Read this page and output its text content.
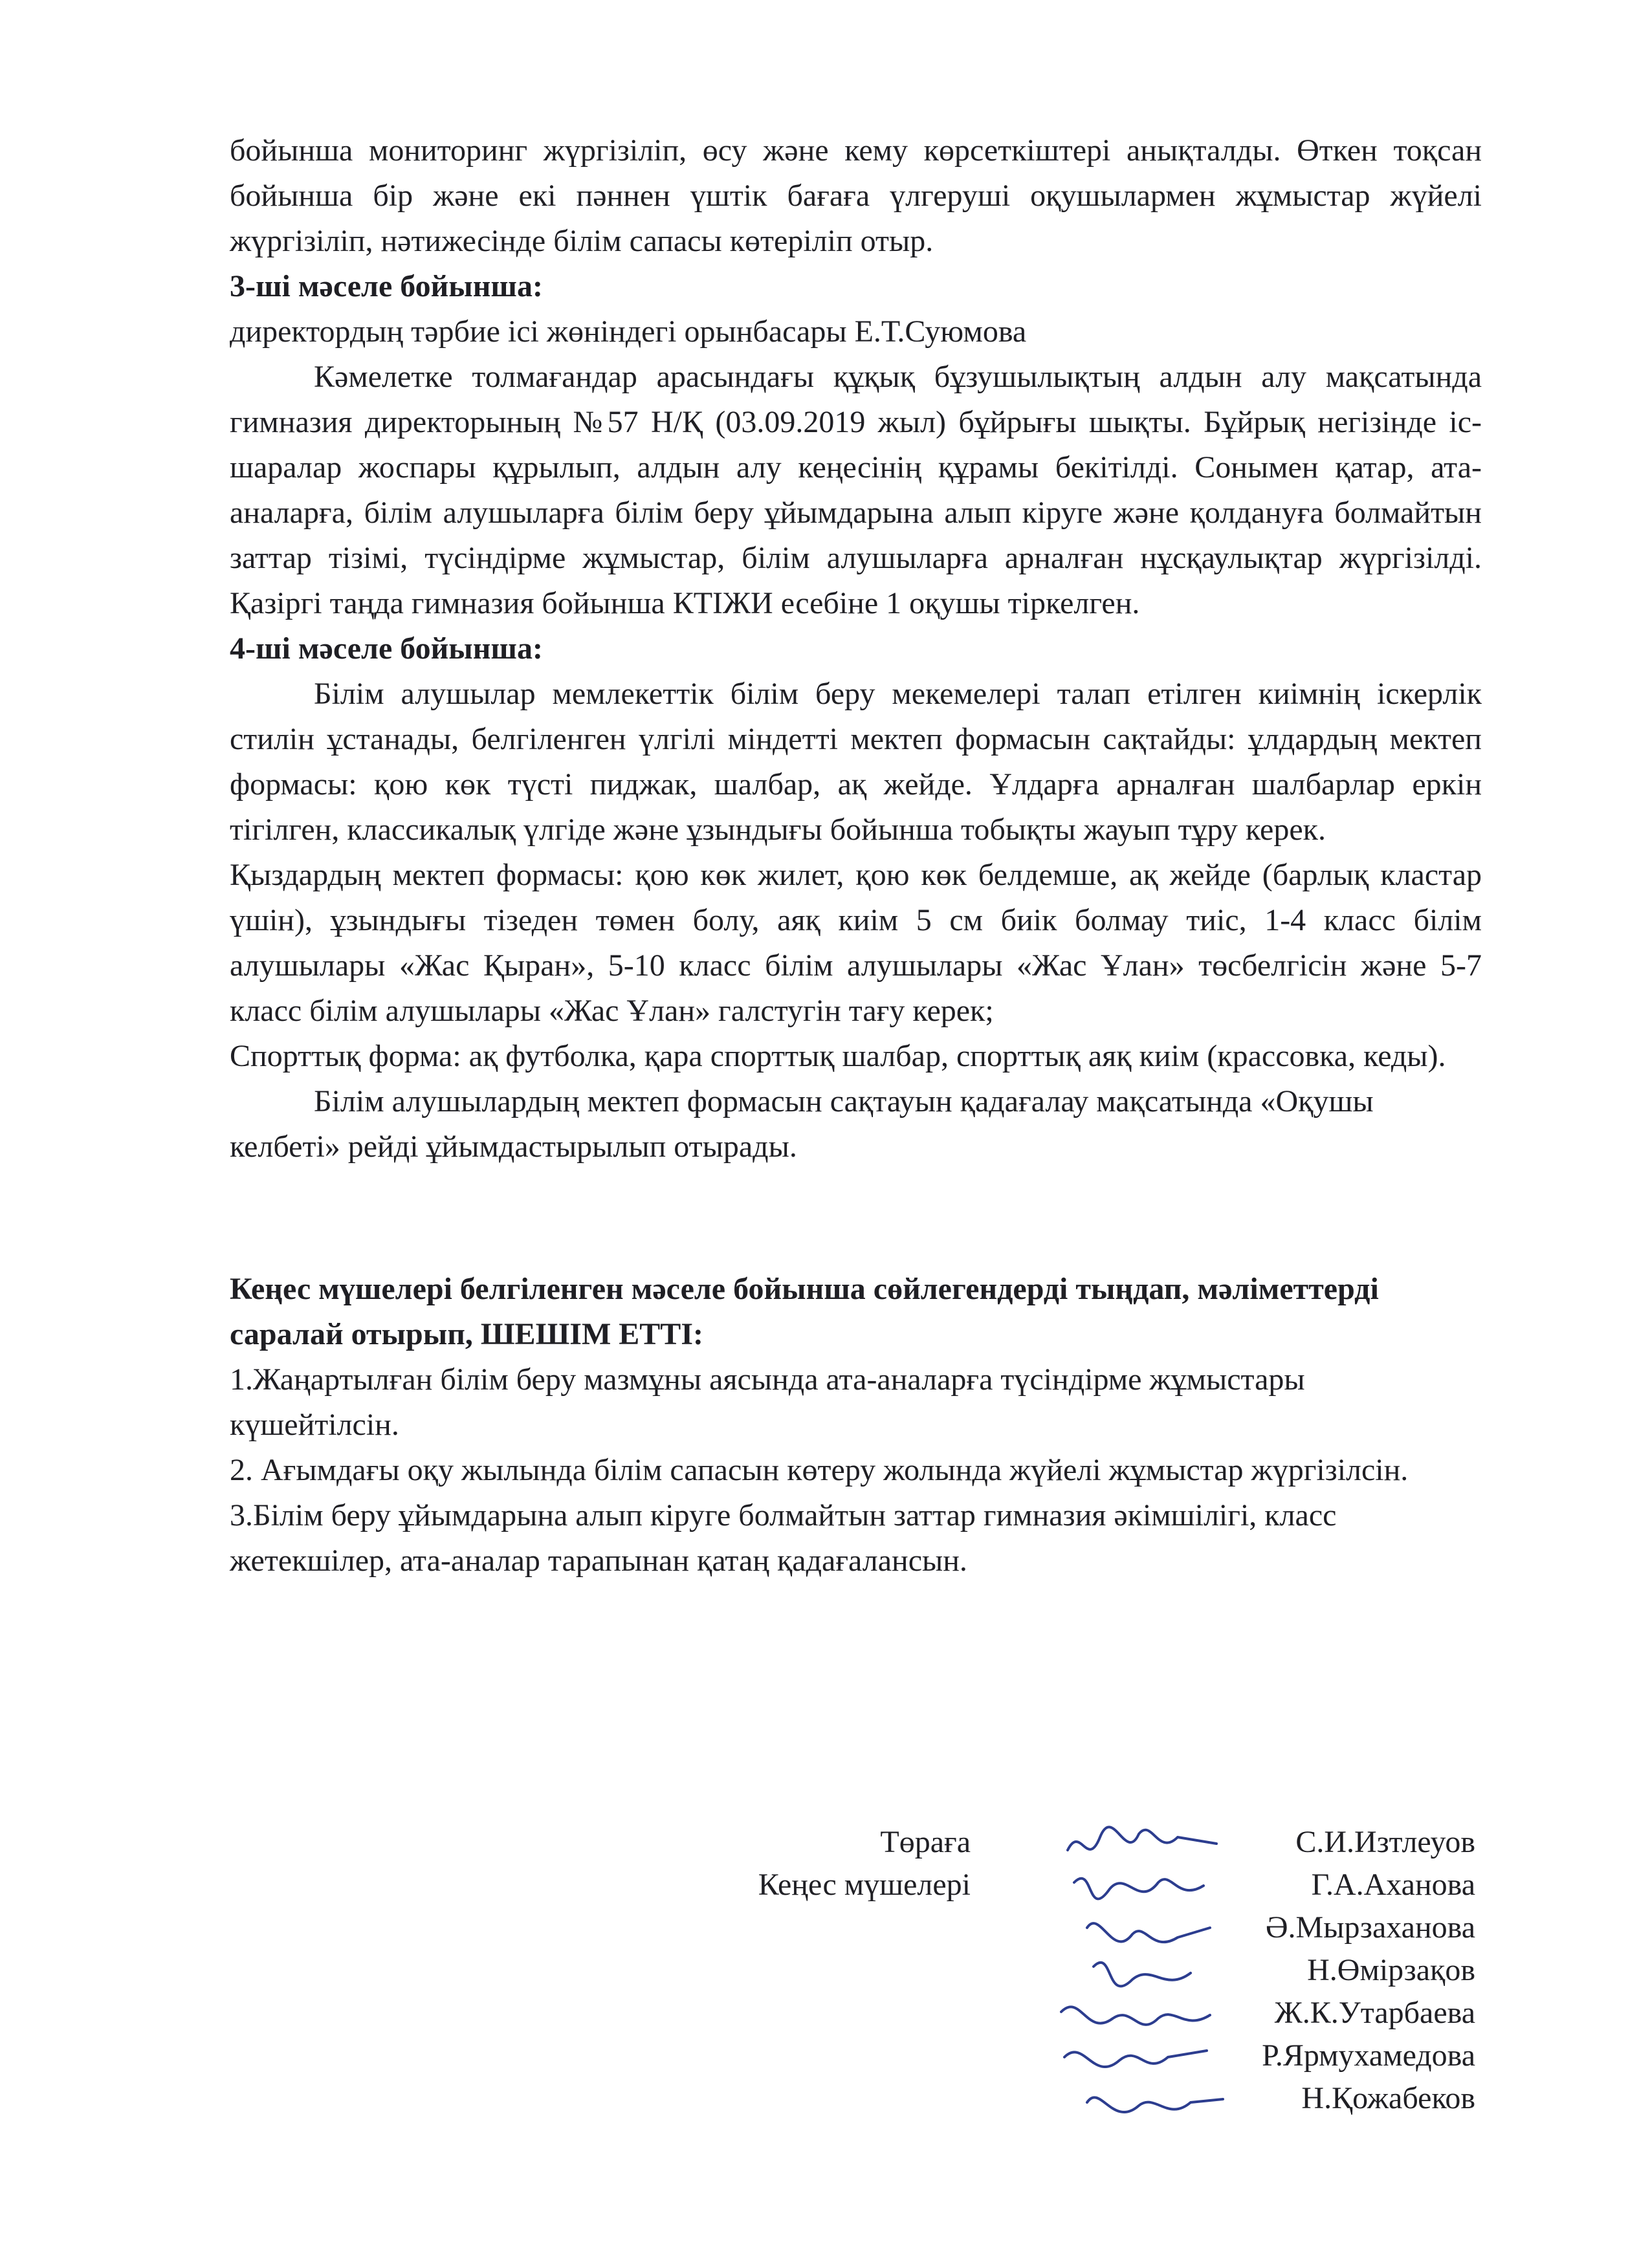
бойынша мониторинг жүргізіліп, өсу және кему көрсеткіштері анықталды. Өткен тоқсан бойынша бір және екі пәннен үштік бағаға үлгеруші оқушылармен жұмыстар жүйелі жүргізіліп, нәтижесінде білім сапасы көтеріліп отыр.

3-ші мәселе бойынша:

директордың тәрбие ісі жөніндегі орынбасары Е.Т.Суюмова

Кәмелетке толмағандар арасындағы құқық бұзушылықтың алдын алу мақсатында гимназия директорының №57 Н/Қ (03.09.2019 жыл) бұйрығы шықты. Бұйрық негізінде іс-шаралар жоспары құрылып, алдын алу кеңесінің құрамы бекітілді. Сонымен қатар, ата-аналарға, білім алушыларға білім беру ұйымдарына алып кіруге және қолдануға болмайтын заттар тізімі, түсіндірме жұмыстар, білім алушыларға арналған нұсқаулықтар жүргізілді. Қазіргі таңда гимназия бойынша КТІЖИ есебіне 1 оқушы тіркелген.

4-ші мәселе бойынша:

Білім алушылар мемлекеттік білім беру мекемелері талап етілген киімнің іскерлік стилін ұстанады, белгіленген үлгілі міндетті мектеп формасын сақтайды: ұлдардың мектеп формасы: қою көк түсті пиджак, шалбар, ақ жейде. Ұлдарға арналған шалбарлар еркін тігілген, классикалық үлгіде және ұзындығы бойынша тобықты жауып тұру керек.

Қыздардың мектеп формасы: қою көк жилет, қою көк белдемше, ақ жейде (барлық кластар үшін), ұзындығы тізеден төмен болу, аяқ киім 5 см биік болмау тиіс, 1-4 класс білім алушылары «Жас Қыран», 5-10 класс білім алушылары «Жас Ұлан» төсбелгісін және 5-7 класс білім алушылары «Жас Ұлан» галстугін тағу керек;

Спорттық форма: ақ футболка, қара спорттық шалбар, спорттық аяқ киім (крассовка, кеды).

Білім алушылардың мектеп формасын сақтауын қадағалау мақсатында «Оқушы келбеті» рейді ұйымдастырылып отырады.

Кеңес мүшелері белгіленген мәселе бойынша сөйлегендерді тыңдап, мәліметтерді саралай отырып, ШЕШІМ ЕТТІ:

1.Жаңартылған білім беру мазмұны аясында ата-аналарға түсіндірме жұмыстары күшейтілсін.

2. Ағымдағы оқу жылында білім сапасын көтеру жолында жүйелі жұмыстар жүргізілсін.

3.Білім беру ұйымдарына алып кіруге болмайтын заттар гимназия әкімшілігі, класс жетекшілер, ата-аналар тарапынан қатаң қадағалансын.

Төраға	С.И.Изтлеуов
Кеңес мүшелері	Г.А.Аханова
Ә.Мырзаханова
Н.Өмірзақов
Ж.К.Утарбаева
Р.Ярмухамедова
Н.Қожабеков
